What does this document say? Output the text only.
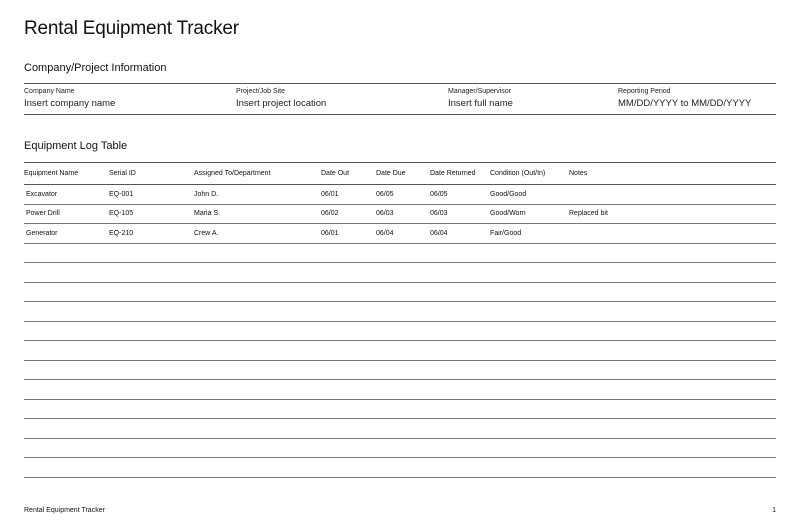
Rental Equipment Tracker
Company/Project Information
Company Name
Insert company name
Project/Job Site
Insert project location
Manager/Supervisor
Insert full name
Reporting Period
MM/DD/YYYY to MM/DD/YYYY
Equipment Log Table
Equipment Name	Serial ID	Assigned To/Department	Date Out	Date Due	Date Returned	Condition (Out/In)	Notes
Excavator	EQ-001	John D.	06/01	06/05	06/05	Good/Good	
Power Drill	EQ-105	Maria S.	06/02	06/03	06/03	Good/Worn	Replaced bit
Generator	EQ-210	Crew A.	06/01	06/04	06/04	Fair/Good	

Rental Equipment Tracker	1
